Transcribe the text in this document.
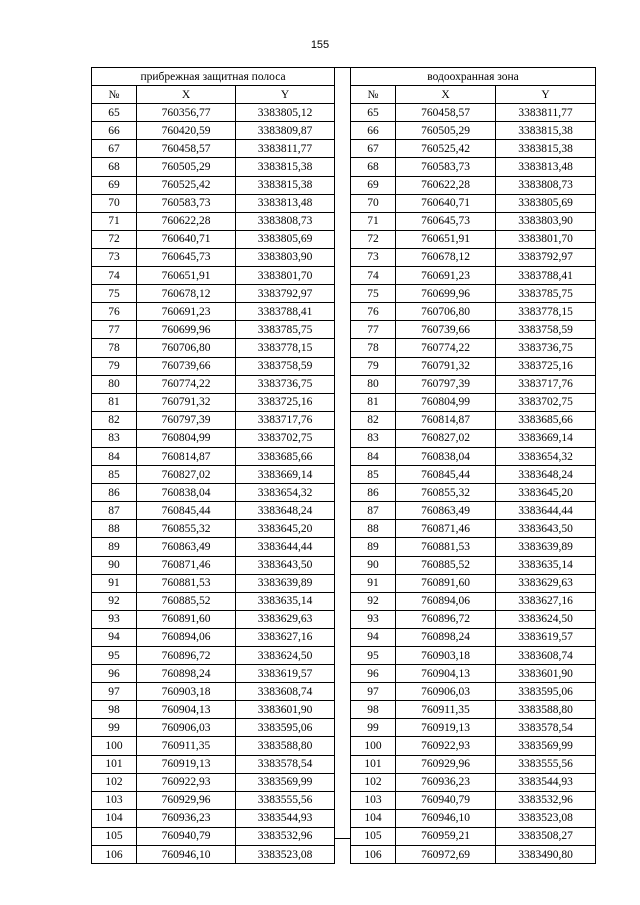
155
прибрежная защитная полоса		
№	X	Y
65	760356,77	3383805,12
66	760420,59	3383809,87
67	760458,57	3383811,77
68	760505,29	3383815,38
69	760525,42	3383815,38
70	760583,73	3383813,48
71	760622,28	3383808,73
72	760640,71	3383805,69
73	760645,73	3383803,90
74	760651,91	3383801,70
75	760678,12	3383792,97
76	760691,23	3383788,41
77	760699,96	3383785,75
78	760706,80	3383778,15
79	760739,66	3383758,59
80	760774,22	3383736,75
81	760791,32	3383725,16
82	760797,39	3383717,76
83	760804,99	3383702,75
84	760814,87	3383685,66
85	760827,02	3383669,14
86	760838,04	3383654,32
87	760845,44	3383648,24
88	760855,32	3383645,20
89	760863,49	3383644,44
90	760871,46	3383643,50
91	760881,53	3383639,89
92	760885,52	3383635,14
93	760891,60	3383629,63
94	760894,06	3383627,16
95	760896,72	3383624,50
96	760898,24	3383619,57
97	760903,18	3383608,74
98	760904,13	3383601,90
99	760906,03	3383595,06
100	760911,35	3383588,80
101	760919,13	3383578,54
102	760922,93	3383569,99
103	760929,96	3383555,56
104	760936,23	3383544,93
105	760940,79	3383532,96
106	760946,10	3383523,08
водоохранная зона		
№	X	Y
65	760458,57	3383811,77
66	760505,29	3383815,38
67	760525,42	3383815,38
68	760583,73	3383813,48
69	760622,28	3383808,73
70	760640,71	3383805,69
71	760645,73	3383803,90
72	760651,91	3383801,70
73	760678,12	3383792,97
74	760691,23	3383788,41
75	760699,96	3383785,75
76	760706,80	3383778,15
77	760739,66	3383758,59
78	760774,22	3383736,75
79	760791,32	3383725,16
80	760797,39	3383717,76
81	760804,99	3383702,75
82	760814,87	3383685,66
83	760827,02	3383669,14
84	760838,04	3383654,32
85	760845,44	3383648,24
86	760855,32	3383645,20
87	760863,49	3383644,44
88	760871,46	3383643,50
89	760881,53	3383639,89
90	760885,52	3383635,14
91	760891,60	3383629,63
92	760894,06	3383627,16
93	760896,72	3383624,50
94	760898,24	3383619,57
95	760903,18	3383608,74
96	760904,13	3383601,90
97	760906,03	3383595,06
98	760911,35	3383588,80
99	760919,13	3383578,54
100	760922,93	3383569,99
101	760929,96	3383555,56
102	760936,23	3383544,93
103	760940,79	3383532,96
104	760946,10	3383523,08
105	760959,21	3383508,27
106	760972,69	3383490,80
